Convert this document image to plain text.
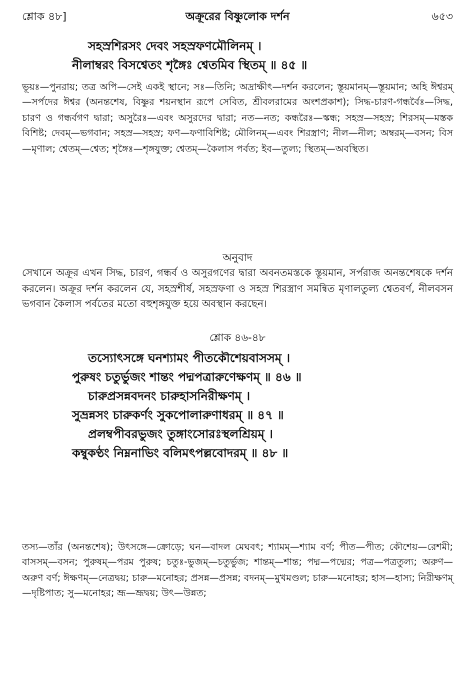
শ্লোক ৪৮]	অক্রূরের বিষ্ণুলোক দর্শন	৬৫৩
সহস্রশিরসং দেবং সহস্রফণমৌলিনম্ ।
নীলাম্বরং বিসশ্বেতং শৃঙ্গৈঃ শ্বেতমিব স্থিতম্ ॥ ৪৫ ॥

ভূয়ঃ—পুনরায়; তত্র অপি—সেই একই স্থানে; সঃ—তিনি; অদ্রাক্ষীৎ—দর্শন করলেন; স্তূয়মানম্—স্তূয়মান; অহি ঈশ্বরম্—সর্পদের ঈশ্বর (অনন্তশেষ, বিষ্ণুর শয়নস্থান রূপে সেবিত, শ্রীবলরামের অংশপ্রকাশ); সিদ্ধ-চারণ-গন্ধর্বৈঃ—সিদ্ধ, চারণ ও গন্ধর্বগণ দ্বারা; অসুরৈঃ—এবং অসুরদের দ্বারা; নত—নত; কন্ধরৈঃ—স্কন্ধ; সহস্র—সহস্র; শিরসম্—মস্তক বিশিষ্ট; দেবম্—ভগবান; সহস্র—সহস্র; ফণ—ফণাবিশিষ্ট; মৌলিনম্—এবং শিরস্ত্রাণ; নীল—নীল; অম্বরম্—বসন; বিস—মৃণাল; শ্বেতম্—শ্বেত; শৃঙ্গৈঃ—শৃঙ্গযুক্ত; শ্বেতম্—কৈলাস পর্বত; ইব—তুল্য; স্থিতম্—অবস্থিত।

অনুবাদ

সেখানে অক্রূর এখন সিদ্ধ, চারণ, গন্ধর্ব ও অসুরগণের দ্বারা অবনতমস্তকে স্তূয়মান, সর্পরাজ অনন্তশেষকে দর্শন করলেন। অক্রূর দর্শন করলেন যে, সহস্রশীর্ষ, সহস্রফণা ও সহস্র শিরস্ত্রাণ সমন্বিত মৃণালতুল্য শ্বেতবর্ণ, নীলবসন ভগবান কৈলাস পর্বতের মতো বহুশৃঙ্গযুক্ত হয়ে অবস্থান করছেন।

শ্লোক ৪৬-৪৮
তস্যোৎসঙ্গে ঘনশ্যামং পীতকৌশেয়বাসসম্ ।
পুরুষং চতুর্ভুজং শান্তং পদ্মপত্রারুণেক্ষণম্ ॥ ৪৬ ॥
চারুপ্রসন্নবদনং চারুহাসনিরীক্ষণম্ ।
সুভ্রন্নসং চারুকর্ণং সুকপোলারুণাধরম্ ॥ ৪৭ ॥
প্রলম্বপীবরভুজং তুঙ্গাংসোরঃস্থলশ্রিয়ম্ ।
কম্বুকণ্ঠং নিম্ননাভিং বলিমৎপল্লবোদরম্ ॥ ৪৮ ॥

তস্য—তাঁর (অনন্তশেষ); উৎসঙ্গে—ক্রোড়ে; ঘন—বাদল মেঘবৎ; শ্যামম্—শ্যাম বর্ণ; পীত—পীত; কৌশেয়—রেশমী; বাসসম্—বসন; পুরুষম্—পরম পুরুষ; চতুঃ-ভুজম্—চতুর্ভুজ; শান্তম্—শান্ত; পদ্ম—পদ্মের; পত্র—পত্রতুল্য; অরুণ—অরুণ বর্ণ; ঈক্ষণম্—নেত্রদ্বয়; চারু—মনোহর; প্রসন্ন—প্রসন্ন; বদনম্—মুখমণ্ডল; চারু—মনোহর; হাস—হাস্য; নিরীক্ষণম্—দৃষ্টিপাত; সু—মনোহর; ভ্রূ—ভ্রূদ্বয়; উৎ—উন্নত;
